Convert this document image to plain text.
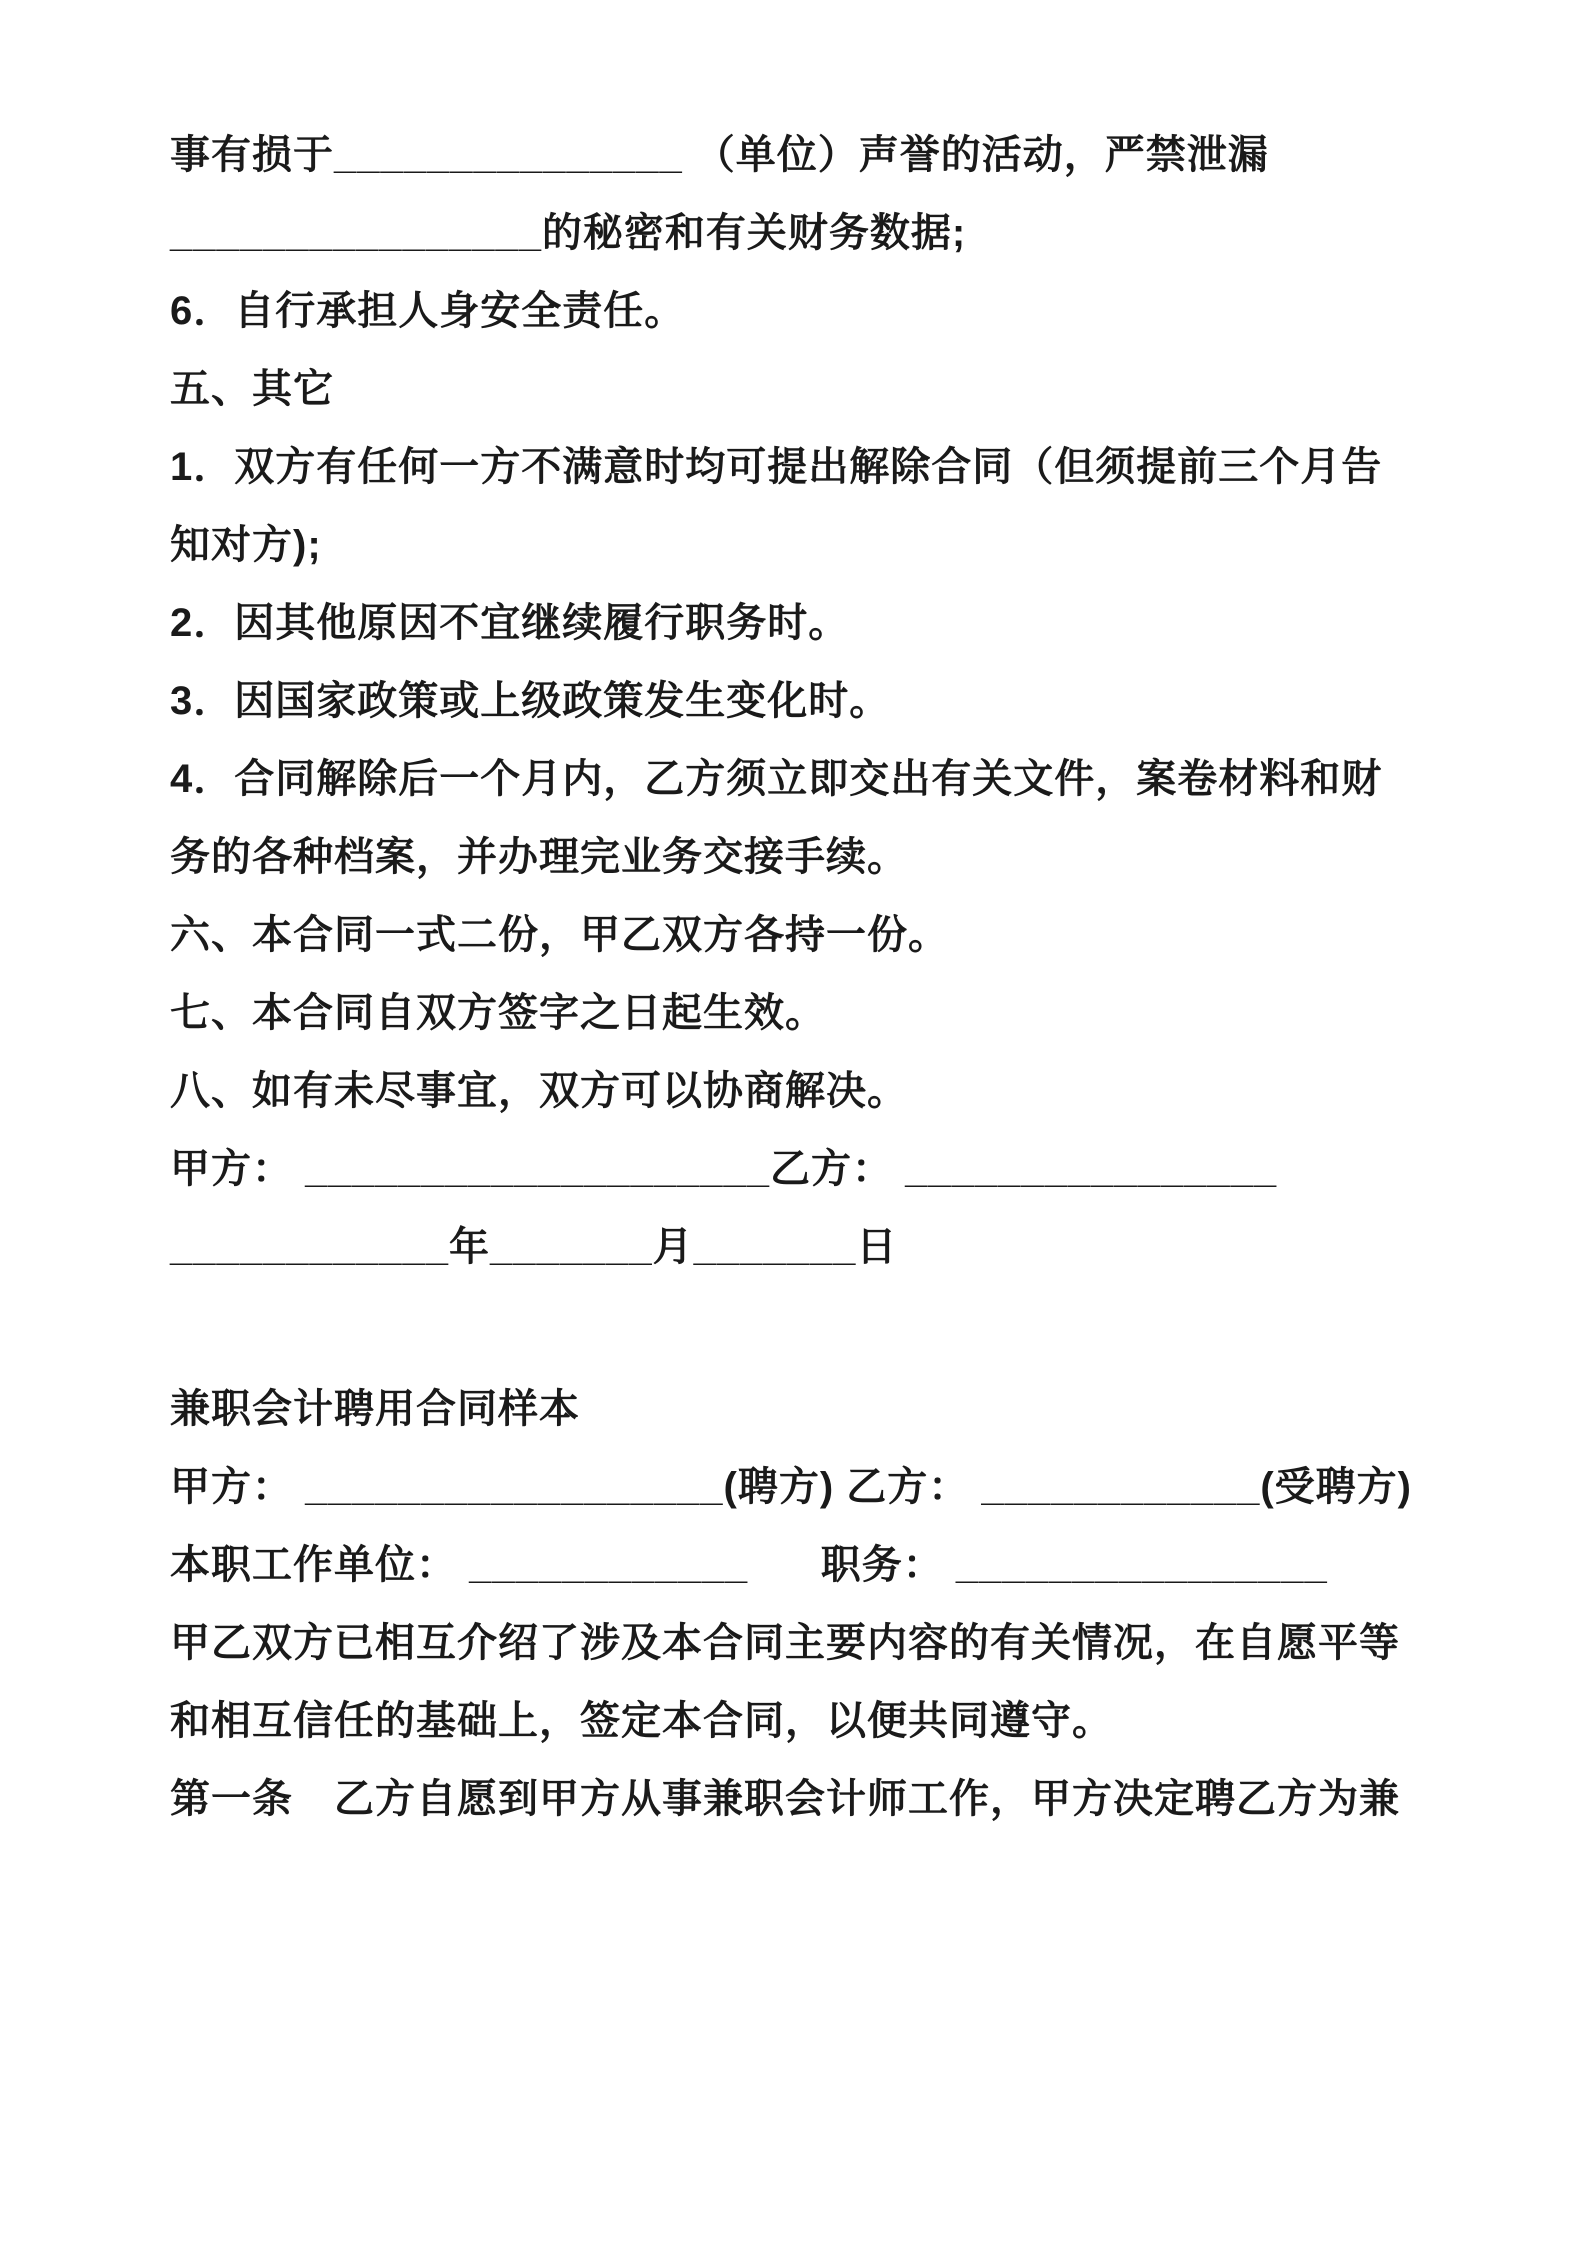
事有损于_______________ （单位）声誉的活动，严禁泄漏

________________的秘密和有关财务数据;

6．自行承担人身安全责任。

五、其它

1．双方有任何一方不满意时均可提出解除合同（但须提前三个月告

知对方);

2．因其他原因不宜继续履行职务时。

3．因国家政策或上级政策发生变化时。

4．合同解除后一个月内，乙方须立即交出有关文件，案卷材料和财

务的各种档案，并办理完业务交接手续。

六、本合同一式二份，甲乙双方各持一份。

七、本合同自双方签字之日起生效。

八、如有未尽事宜，双方可以协商解决。

甲方： ____________________乙方： ________________

____________年_______月_______日

兼职会计聘用合同样本

甲方： __________________(聘方) 乙方： ____________(受聘方)

本职工作单位： ____________      职务： ________________

甲乙双方已相互介绍了涉及本合同主要内容的有关情况，在自愿平等

和相互信任的基础上，签定本合同，以便共同遵守。

第一条　乙方自愿到甲方从事兼职会计师工作，甲方决定聘乙方为兼
